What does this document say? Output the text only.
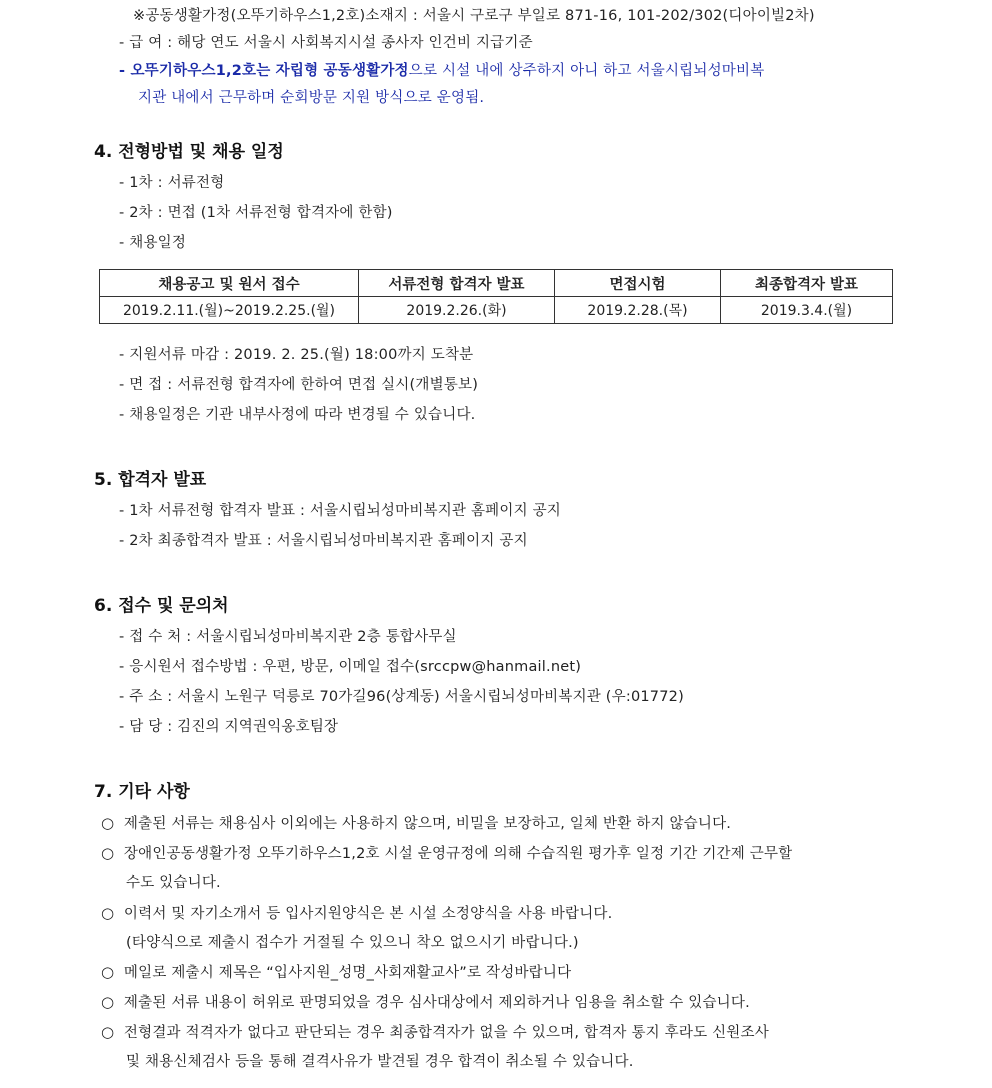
※공동생활가정(오뚜기하우스1,2호)소재지 : 서울시 구로구 부일로 871-16, 101-202/302(디아이빌2차)
- 급 여 : 해당 연도 서울시 사회복지시설 종사자 인건비 지급기준
- 오뚜기하우스1,2호는 자립형 공동생활가정으로 시설 내에 상주하지 아니 하고 서울시립뇌성마비복
지관 내에서 근무하며 순회방문 지원 방식으로 운영됨.
4. 전형방법 및 채용 일정
- 1차 : 서류전형
- 2차 : 면접 (1차 서류전형 합격자에 한함)
- 채용일정
채용공고 및 원서 접수	서류전형 합격자 발표	면접시험	최종합격자 발표
2019.2.11.(월)~2019.2.25.(월)	2019.2.26.(화)	2019.2.28.(목)	2019.3.4.(월)
- 지원서류 마감 : 2019. 2. 25.(월) 18:00까지 도착분
- 면 접 : 서류전형 합격자에 한하여 면접 실시(개별통보)
- 채용일정은 기관 내부사정에 따라 변경될 수 있습니다.
5. 합격자 발표
- 1차 서류전형 합격자 발표 : 서울시립뇌성마비복지관 홈페이지 공지
- 2차 최종합격자 발표 : 서울시립뇌성마비복지관 홈페이지 공지
6. 접수 및 문의처
- 접 수 처 : 서울시립뇌성마비복지관 2층 통합사무실
- 응시원서 접수방법 : 우편, 방문, 이메일 접수(srccpw@hanmail.net)
- 주 소 : 서울시 노원구 덕릉로 70가길96(상계동) 서울시립뇌성마비복지관 (우:01772)
- 담 당 : 김진의 지역권익옹호팀장
7. 기타 사항
○ 제출된 서류는 채용심사 이외에는 사용하지 않으며, 비밀을 보장하고, 일체 반환 하지 않습니다.
○ 장애인공동생활가정 오뚜기하우스1,2호 시설 운영규정에 의해 수습직원 평가후 일정 기간 기간제 근무할
수도 있습니다.
○ 이력서 및 자기소개서 등 입사지원양식은 본 시설 소정양식을 사용 바랍니다.
(타양식으로 제출시 접수가 거절될 수 있으니 착오 없으시기 바랍니다.)
○ 메일로 제출시 제목은 “입사지원_성명_사회재활교사”로 작성바랍니다
○ 제출된 서류 내용이 허위로 판명되었을 경우 심사대상에서 제외하거나 임용을 취소할 수 있습니다.
○ 전형결과 적격자가 없다고 판단되는 경우 최종합격자가 없을 수 있으며, 합격자 통지 후라도 신원조사
및 채용신체검사 등을 통해 결격사유가 발견될 경우 합격이 취소될 수 있습니다.
